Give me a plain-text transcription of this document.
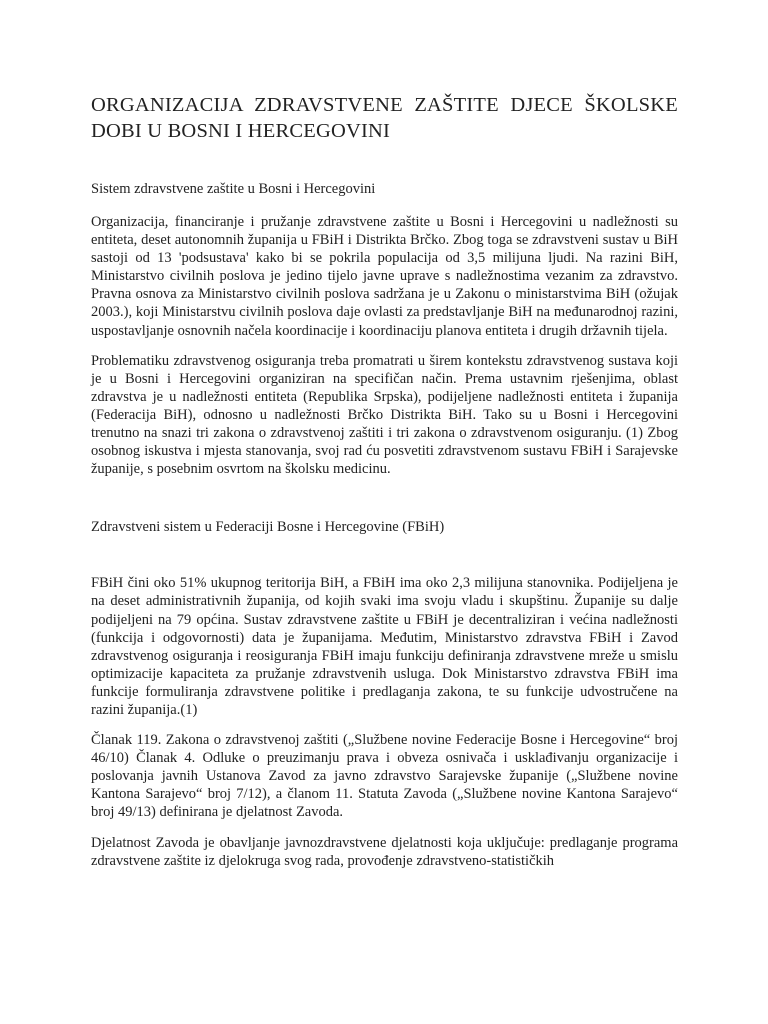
ORGANIZACIJA ZDRAVSTVENE ZAŠTITE DJECE ŠKOLSKE DOBI U BOSNI I HERCEGOVINI
Sistem zdravstvene zaštite u Bosni i Hercegovini

Organizacija, financiranje i pružanje zdravstvene zaštite u Bosni i Hercegovini u nadležnosti su entiteta, deset autonomnih županija u FBiH i Distrikta Brčko. Zbog toga se zdravstveni sustav u BiH sastoji od 13 'podsustava' kako bi se pokrila populacija od 3,5 milijuna ljudi. Na razini BiH, Ministarstvo civilnih poslova je jedino tijelo javne uprave s nadležnostima vezanim za zdravstvo. Pravna osnova za Ministarstvo civilnih poslova sadržana je u Zakonu o ministarstvima BiH (ožujak 2003.), koji Ministarstvu civilnih poslova daje ovlasti za predstavljanje BiH na međunarodnoj razini, uspostavljanje osnovnih načela koordinacije i koordinaciju planova entiteta i drugih državnih tijela.

Problematiku zdravstvenog osiguranja treba promatrati u širem kontekstu zdravstvenog sustava koji je u Bosni i Hercegovini organiziran na specifičan način. Prema ustavnim rješenjima, oblast zdravstva je u nadležnosti entiteta (Republika Srpska), podijeljene nadležnosti entiteta i županija (Federacija BiH), odnosno u nadležnosti Brčko Distrikta BiH. Tako su u Bosni i Hercegovini trenutno na snazi tri zakona o zdravstvenoj zaštiti i tri zakona o zdravstvenom osiguranju. (1) Zbog osobnog iskustva i mjesta stanovanja, svoj rad ću posvetiti zdravstvenom sustavu FBiH i Sarajevske županije, s posebnim osvrtom na školsku medicinu.

Zdravstveni sistem u Federaciji Bosne i Hercegovine (FBiH)

FBiH čini oko 51% ukupnog teritorija BiH, a FBiH ima oko 2,3 milijuna stanovnika. Podijeljena je na deset administrativnih županija, od kojih svaki ima svoju vladu i skupštinu. Županije su dalje podijeljeni na 79 općina. Sustav zdravstvene zaštite u FBiH je decentraliziran i većina nadležnosti (funkcija i odgovornosti) data je županijama. Međutim, Ministarstvo zdravstva FBiH i Zavod zdravstvenog osiguranja i reosiguranja FBiH imaju funkciju definiranja zdravstvene mreže u smislu optimizacije kapaciteta za pružanje zdravstvenih usluga. Dok Ministarstvo zdravstva FBiH ima funkcije formuliranja zdravstvene politike i predlaganja zakona, te su funkcije udvostručene na razini županija.(1)

Članak 119. Zakona o zdravstvenoj zaštiti („Službene novine Federacije Bosne i Hercegovine“ broj 46/10) Članak 4. Odluke o preuzimanju prava i obveza osnivača i usklađivanju organizacije i poslovanja javnih Ustanova Zavod za javno zdravstvo Sarajevske županije („Službene novine Kantona Sarajevo“ broj 7/12), a članom 11. Statuta Zavoda („Službene novine Kantona Sarajevo“ broj 49/13) definirana je djelatnost Zavoda.

Djelatnost Zavoda je obavljanje javnozdravstvene djelatnosti koja uključuje: predlaganje programa zdravstvene zaštite iz djelokruga svog rada, provođenje zdravstveno-statističkih
